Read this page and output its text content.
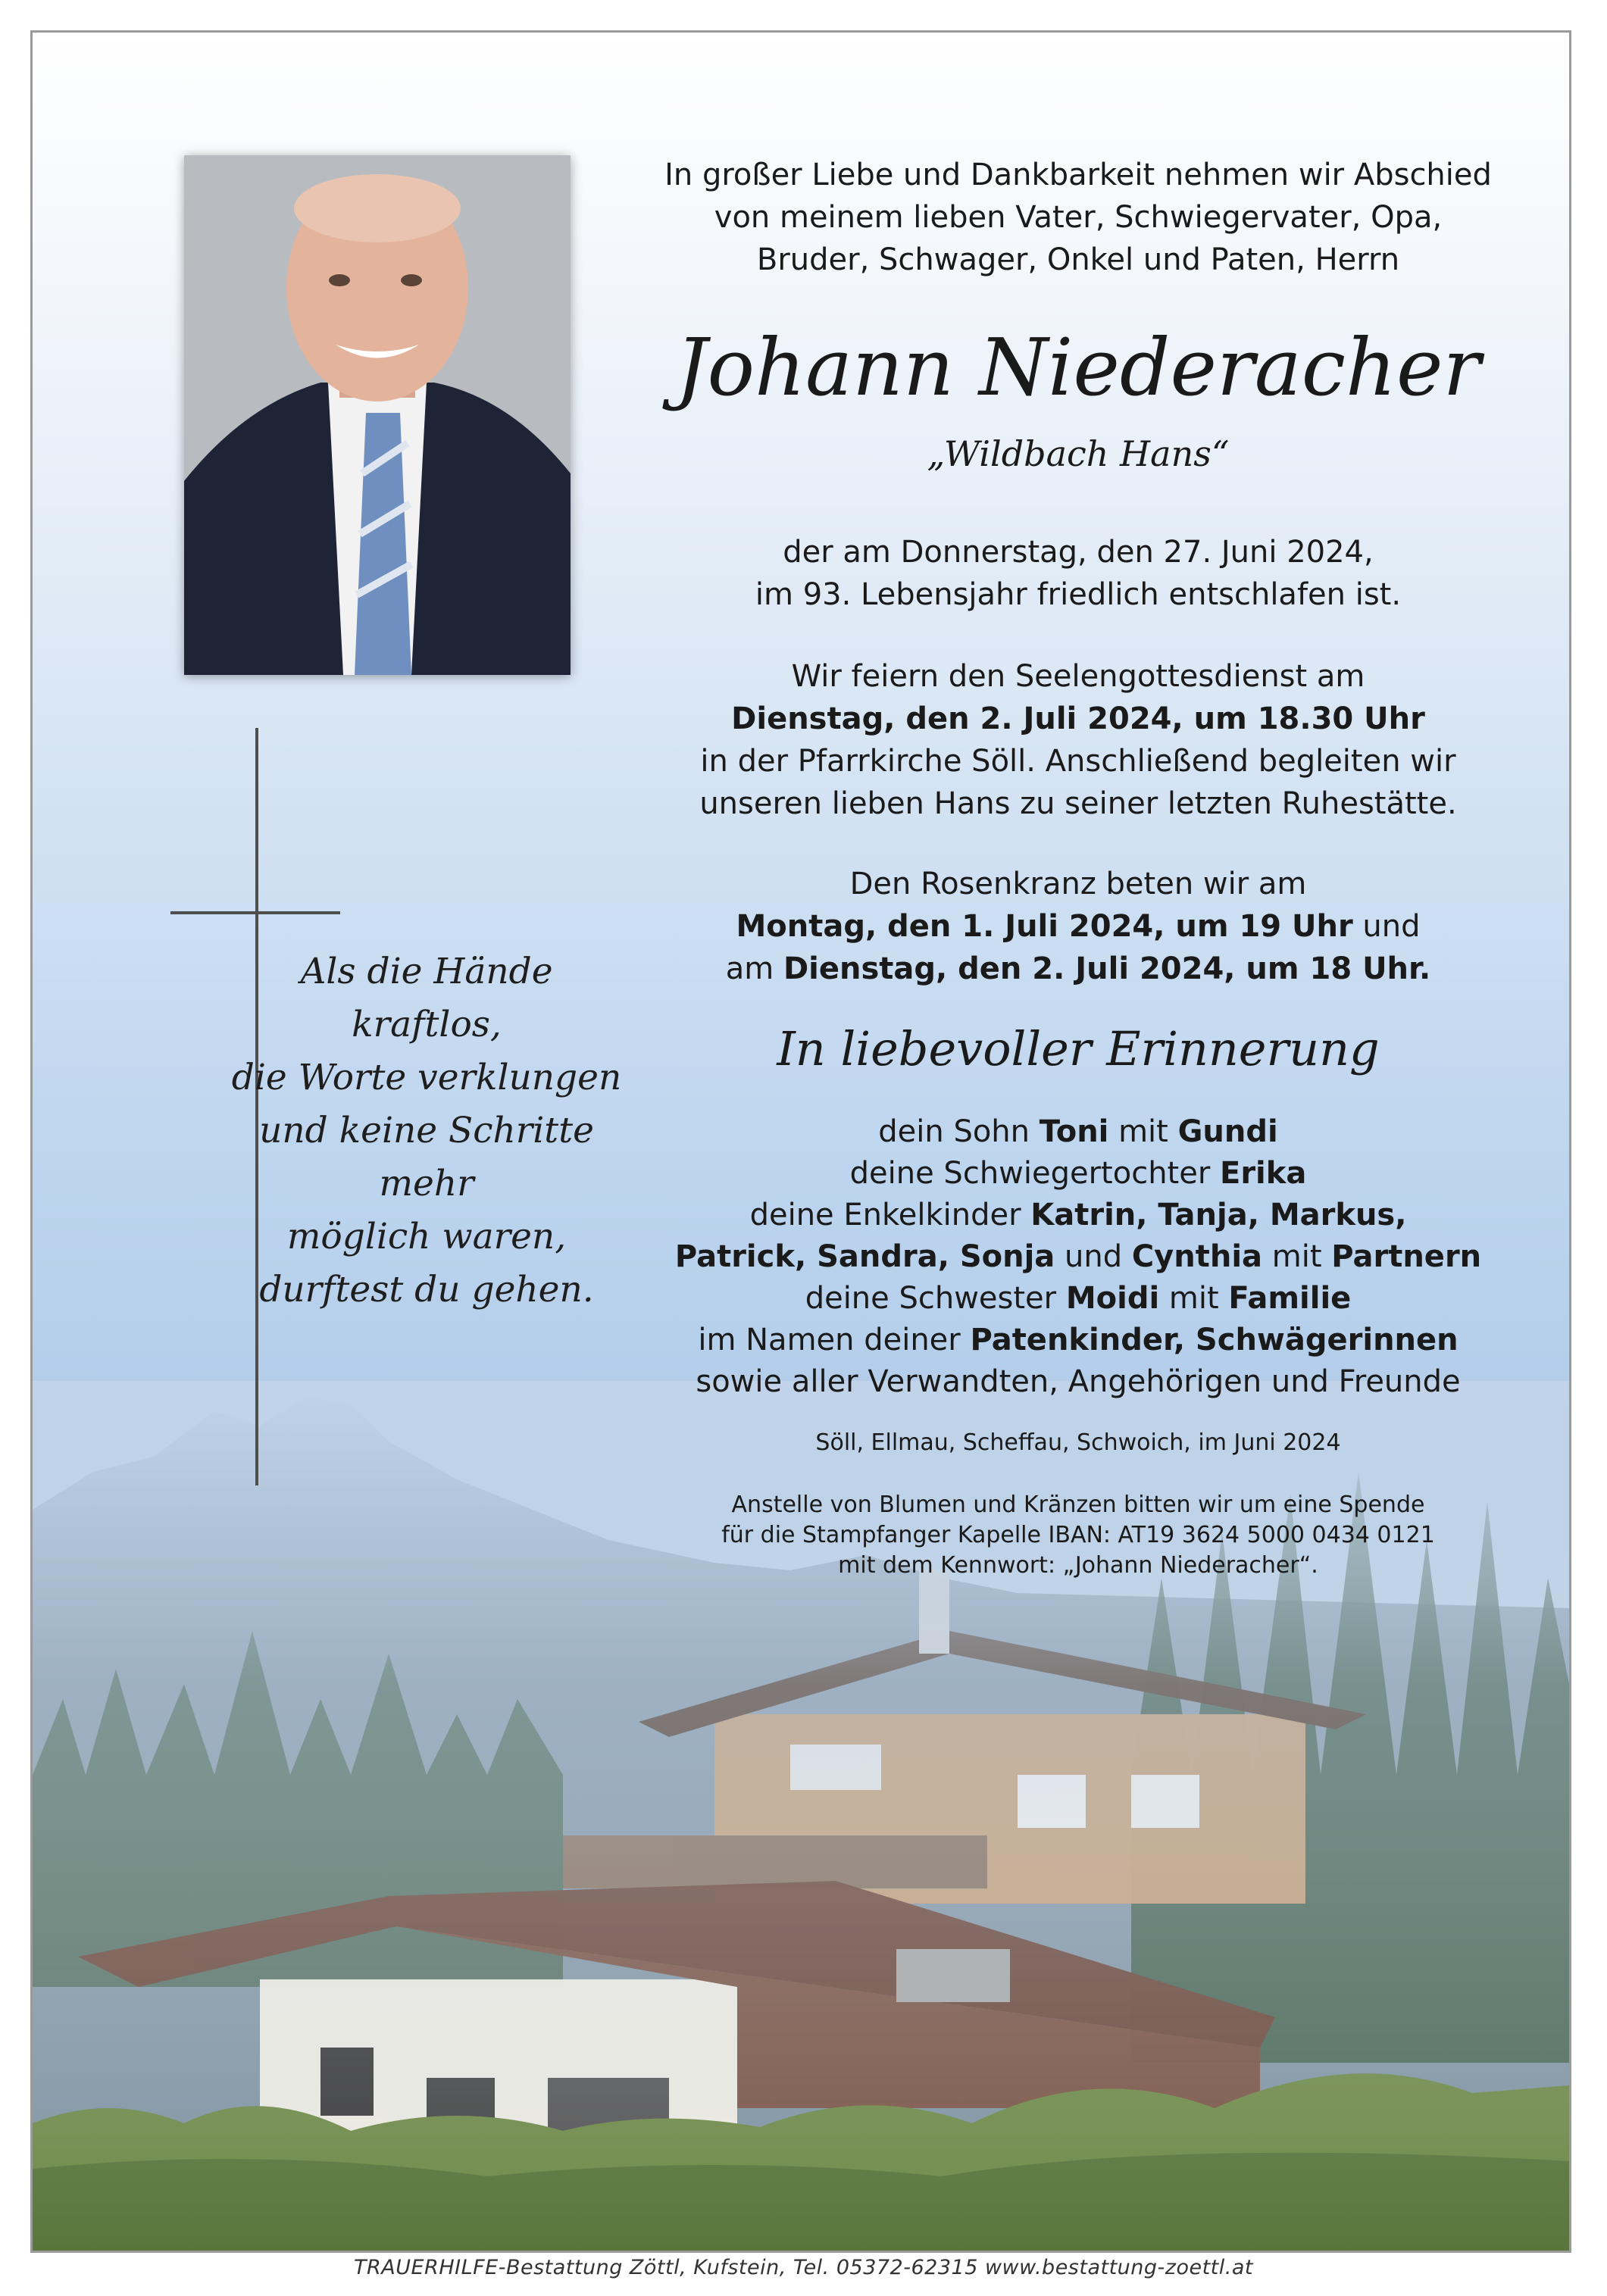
Als die Hände kraftlos,
die Worte verklungen
und keine Schritte mehr
möglich waren,
durftest du gehen.
In großer Liebe und Dankbarkeit nehmen wir Abschied
von meinem lieben Vater, Schwiegervater, Opa,
Bruder, Schwager, Onkel und Paten, Herrn
Johann Niederacher
„Wildbach Hans“
der am Donnerstag, den 27. Juni 2024,
im 93. Lebensjahr friedlich entschlafen ist.
Wir feiern den Seelengottesdienst am
Dienstag, den 2. Juli 2024, um 18.30 Uhr
in der Pfarrkirche Söll. Anschließend begleiten wir
unseren lieben Hans zu seiner letzten Ruhestätte.
Den Rosenkranz beten wir am
Montag, den 1. Juli 2024, um 19 Uhr und
am Dienstag, den 2. Juli 2024, um 18 Uhr.
In liebevoller Erinnerung
dein Sohn Toni mit Gundi
deine Schwiegertochter Erika
deine Enkelkinder Katrin, Tanja, Markus,
Patrick, Sandra, Sonja und Cynthia mit Partnern
deine Schwester Moidi mit Familie
im Namen deiner Patenkinder, Schwägerinnen
sowie aller Verwandten, Angehörigen und Freunde
Söll, Ellmau, Scheffau, Schwoich, im Juni 2024
Anstelle von Blumen und Kränzen bitten wir um eine Spende
für die Stampfanger Kapelle IBAN: AT19 3624 5000 0434 0121
mit dem Kennwort: „Johann Niederacher“.
TRAUERHILFE-Bestattung Zöttl, Kufstein, Tel. 05372-62315 www.bestattung-zoettl.at
